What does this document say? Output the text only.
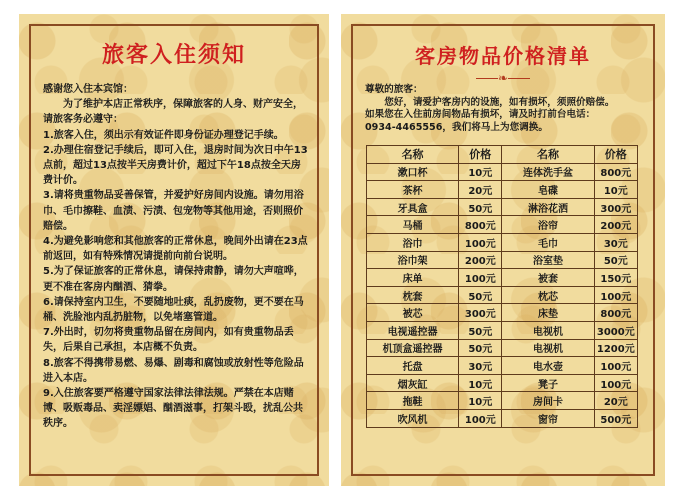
旅客入住须知

感谢您入住本宾馆：

为了维护本店正常秩序，保障旅客的人身、财产安全，请旅客务必遵守：

1.旅客入住，须出示有效证件即身份证办理登记手续。

2.办理住宿登记手续后，即可入住，退房时间为次日中午13点前，超过13点按半天房费计价，超过下午18点按全天房费计价。

3.请将贵重物品妥善保管，并爱护好房间内设施。请勿用浴巾、毛巾擦鞋、血渍、污渍、包宠物等其他用途，否则照价赔偿。

4.为避免影响您和其他旅客的正常休息，晚间外出请在23点前返回，如有特殊情况请提前向前台说明。

5.为了保证旅客的正常休息，请保持肃静，请勿大声喧哗，更不准在客房内酗酒、猜拳。

6.请保持室内卫生，不要随地吐痰，乱扔废物，更不要在马桶、洗脸池内乱扔脏物，以免堵塞管道。

7.外出时，切勿将贵重物品留在房间内，如有贵重物品丢失，后果自己承担，本店概不负责。

8.旅客不得携带易燃、易爆、剧毒和腐蚀或放射性等危险品进入本店。

9.入住旅客要严格遵守国家法律法律法规。严禁在本店赌博、吸贩毒品、卖淫嫖娼、酗酒滋事，打架斗殴，扰乱公共秩序。

客房物品价格清单
❧

尊敬的旅客：

您好，请爱护客房内的设施，如有损坏，须照价赔偿。

如果您在入住前房间物品有损坏，请及时打前台电话：

0934-4465556，我们将马上为您调换。

名称	价格	名称	价格
漱口杯	10元	连体洗手盆	800元
茶杯	20元	皂碟	10元
牙具盒	50元	淋浴花洒	300元
马桶	800元	浴帘	200元
浴巾	100元	毛巾	30元
浴巾架	200元	浴室垫	50元
床单	100元	被套	150元
枕套	50元	枕芯	100元
被芯	300元	床垫	800元
电视遥控器	50元	电视机	3000元
机顶盒遥控器	50元	电视机	1200元
托盘	30元	电水壶	100元
烟灰缸	10元	凳子	100元
拖鞋	10元	房间卡	20元
吹风机	100元	窗帘	500元
